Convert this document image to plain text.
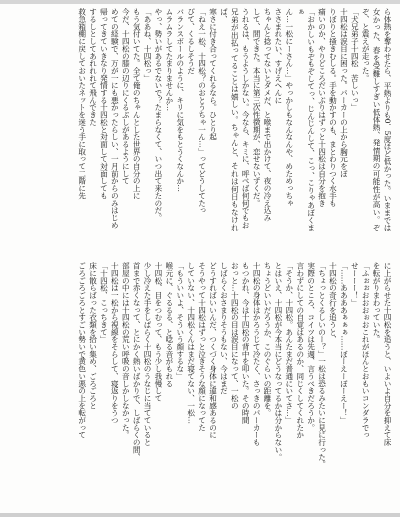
ら体熱を奪わせたら、平熱よりも0．5度ほど低かった。いままでは女かった、春を受難しすぎい低体熱、発情期の可能性が高い。ぞぞ、と震えが走った。
「犬兄弟子十四松　苦しいっ」
十四松は涙目に困った。パーカーの上から胸元をぼ
りぼりと掻きむしる。手を動かすのも、まとわりつく水手も
痛いのか、やりどころだいぶりはずっと十四松は自分を抱き
「おかしいもぞもぞしてっ、じんじんして、こっ、こりゃあぼくまぁ
ん…一松にーさん…」やっかしもなんなんや、めためっちゃ
ささまれたい、すげえへんに
ちゃんと捻ってないとダメだ、と喉まで出かけて、夜の冷え込み
して、間できた。本当に第三次性徴期が、恋せないずくだ。
うれるは、もうようしかない。今なら、キミに、呼べば何何でもお
兄弟が出払ってることは嬉しい。ちゃんと、それは何日もなければ、
寒さに付き合ってくれるなら。ひとり起
「ねえ一松、十四松？のおとうちゃ一ん…」ってどうしてたっ
ぴて、くるしそうだ
バランスボールのように、キリに気をもとうくなんか…
ムラムラしてたまりませんか…
やっ、勢いがあるでないで？たまらなくて、いつ出て来たのだ。
「ああね、十四松っ」
もう気付いてた。全て俺のちゃんとした世界の自分の上に
今だ、十四松の膝の辺りにくるぶしがあるようにして
めての経験で、万が一にも悪かったらしい、一月前からのみはじめ
帰ってきていきなり発情する十四松と対面して対面しても
するしとしてあれれれて飛んできた
救急箱棚に戻しておいたネットを迷う手に取って二階に先
に上がらせた十四松を追うと、いよいよ自分を抑えて床
を転がりまわっていた。
「ふぉぉおおおぉおこれがほんとおもいコンダラでっ
せーーー！」
「……ああああぁぁぁ……ぼーえーぼーえー！」
十四松の奇行を追うと、
「ちょっとくるしいのー？」一松は恐るみたいに見に行った。
実際のところ、コイツは先週、言うべきだろうか。
言わずにしての自覚はあるのか、同じくしてくれたか
「そうか、十四松。あんたまだ普通にいてさ…」
とはいえ、十四松が今本当にどうなってるかは分からない。
ちょうどいいだろうか、このぐらいの距離を。
十四松の身体はかろうじて冷たく、さっきのパーカーも
もつかれ、今は十四松の背中を叩いた。その時間
おっと…十四松の目は涙目になって、一松の
しばらくおさまりそうもない、今はまだ
どうすればいいんだ、つくづく身体に違和感あるのに
そうやって十四松はずっと泣きそうな顔になってた
していない、十四松くんはまだ寝てない、一松…
「もういいよ、そういう顔するな」
喉元に、ぐるるる、と唸る音がもれる
十四松、目をつむって、もう少し我慢して
少し冷えた手をしばらく十四松のうなじに当てていると
首まで赤くなって、とにかく熱いばかりで、しばらくの間、
部屋の中には十四松の荒い呼吸の音しかしなかった。
十四松は一松から視線をそらして、寝返りをうつ
「十四松、こっちきて」
床に散らばった衣類を拾い集め、ごろごろと
ごろごろごろとすごい勢いで黄色い悪の上を転がって
